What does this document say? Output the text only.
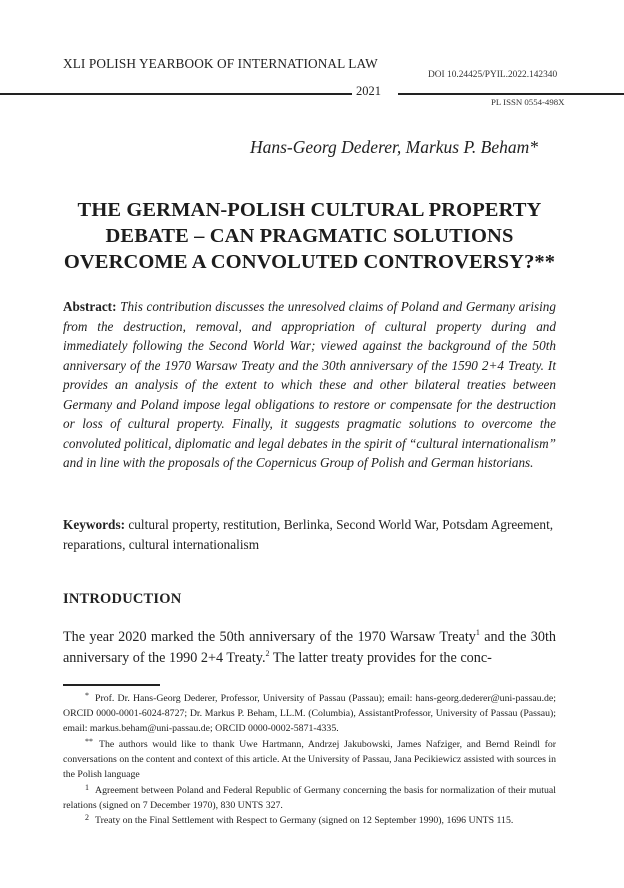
XLI POLISH YEARBOOK OF INTERNATIONAL LAW
DOI 10.24425/PYIL.2022.142340
2021
PL ISSN 0554-498X
Hans-Georg Dederer, Markus P. Beham*
THE GERMAN-POLISH CULTURAL PROPERTY
DEBATE – CAN PRAGMATIC SOLUTIONS
OVERCOME A CONVOLUTED CONTROVERSY?**
Abstract: This contribution discusses the unresolved claims of Poland and Germany arising from the destruction, removal, and appropriation of cultural property during and immediately following the Second World War; viewed against the background of the 50th anniversary of the 1970 Warsaw Treaty and the 30th anniversary of the 1590 2+4 Treaty. It provides an analysis of the extent to which these and other bilateral treaties between Germany and Poland impose legal obligations to restore or compensate for the destruction or loss of cultural property. Finally, it suggests pragmatic solutions to overcome the convoluted political, diplomatic and legal debates in the spirit of “cultural internationalism” and in line with the proposals of the Copernicus Group of Polish and German historians.
Keywords: cultural property, restitution, Berlinka, Second World War, Potsdam Agreement, reparations, cultural internationalism
INTRODUCTION
The year 2020 marked the 50th anniversary of the 1970 Warsaw Treaty$^1$ and the 30th anniversary of the 1990 2+4 Treaty.$^2$ The latter treaty provides for the conc-
* Prof. Dr. Hans-Georg Dederer, Professor, University of Passau (Passau); email: hans-georg.dederer@uni-passau.de; ORCID 0000-0001-6024-8727; Dr. Markus P. Beham, LL.M. (Columbia), AssistantProfessor, University of Passau (Passau); email: markus.beham@uni-passau.de; ORCID 0000-0002-5871-4335.
** The authors would like to thank Uwe Hartmann, Andrzej Jakubowski, James Nafziger, and Bernd Reindl for conversations on the content and context of this article. At the University of Passau, Jana Pecikiewicz assisted with sources in the Polish language
$^1$ Agreement between Poland and Federal Republic of Germany concerning the basis for normalization of their mutual relations (signed on 7 December 1970), 830 UNTS 327.
$^2$ Treaty on the Final Settlement with Respect to Germany (signed on 12 September 1990), 1696 UNTS 115.
